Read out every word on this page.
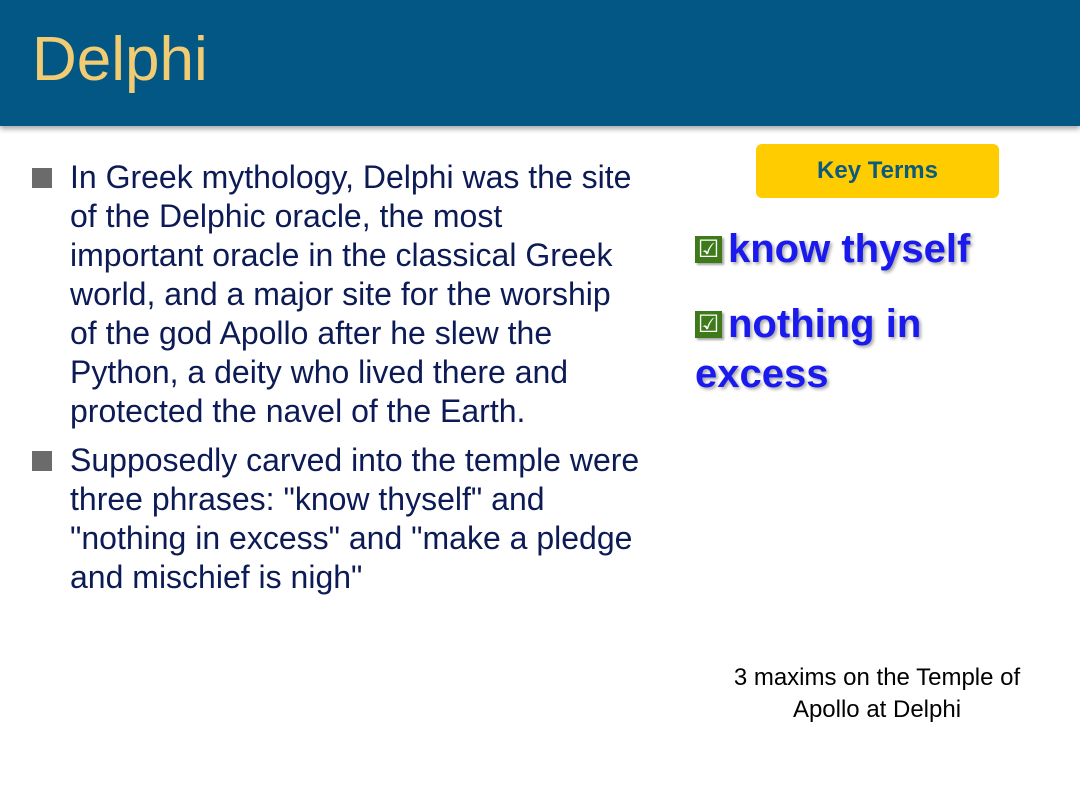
Delphi
In Greek mythology, Delphi was the site of the Delphic oracle, the most important oracle in the classical Greek world, and a major site for the worship of the god Apollo after he slew the Python, a deity who lived there and protected the navel of the Earth.
Supposedly carved into the temple were three phrases: "know thyself" and "nothing in excess" and "make a pledge and mischief is nigh"
Key Terms
☑ know thyself
☑ nothing in excess
3 maxims on the Temple of Apollo at Delphi
